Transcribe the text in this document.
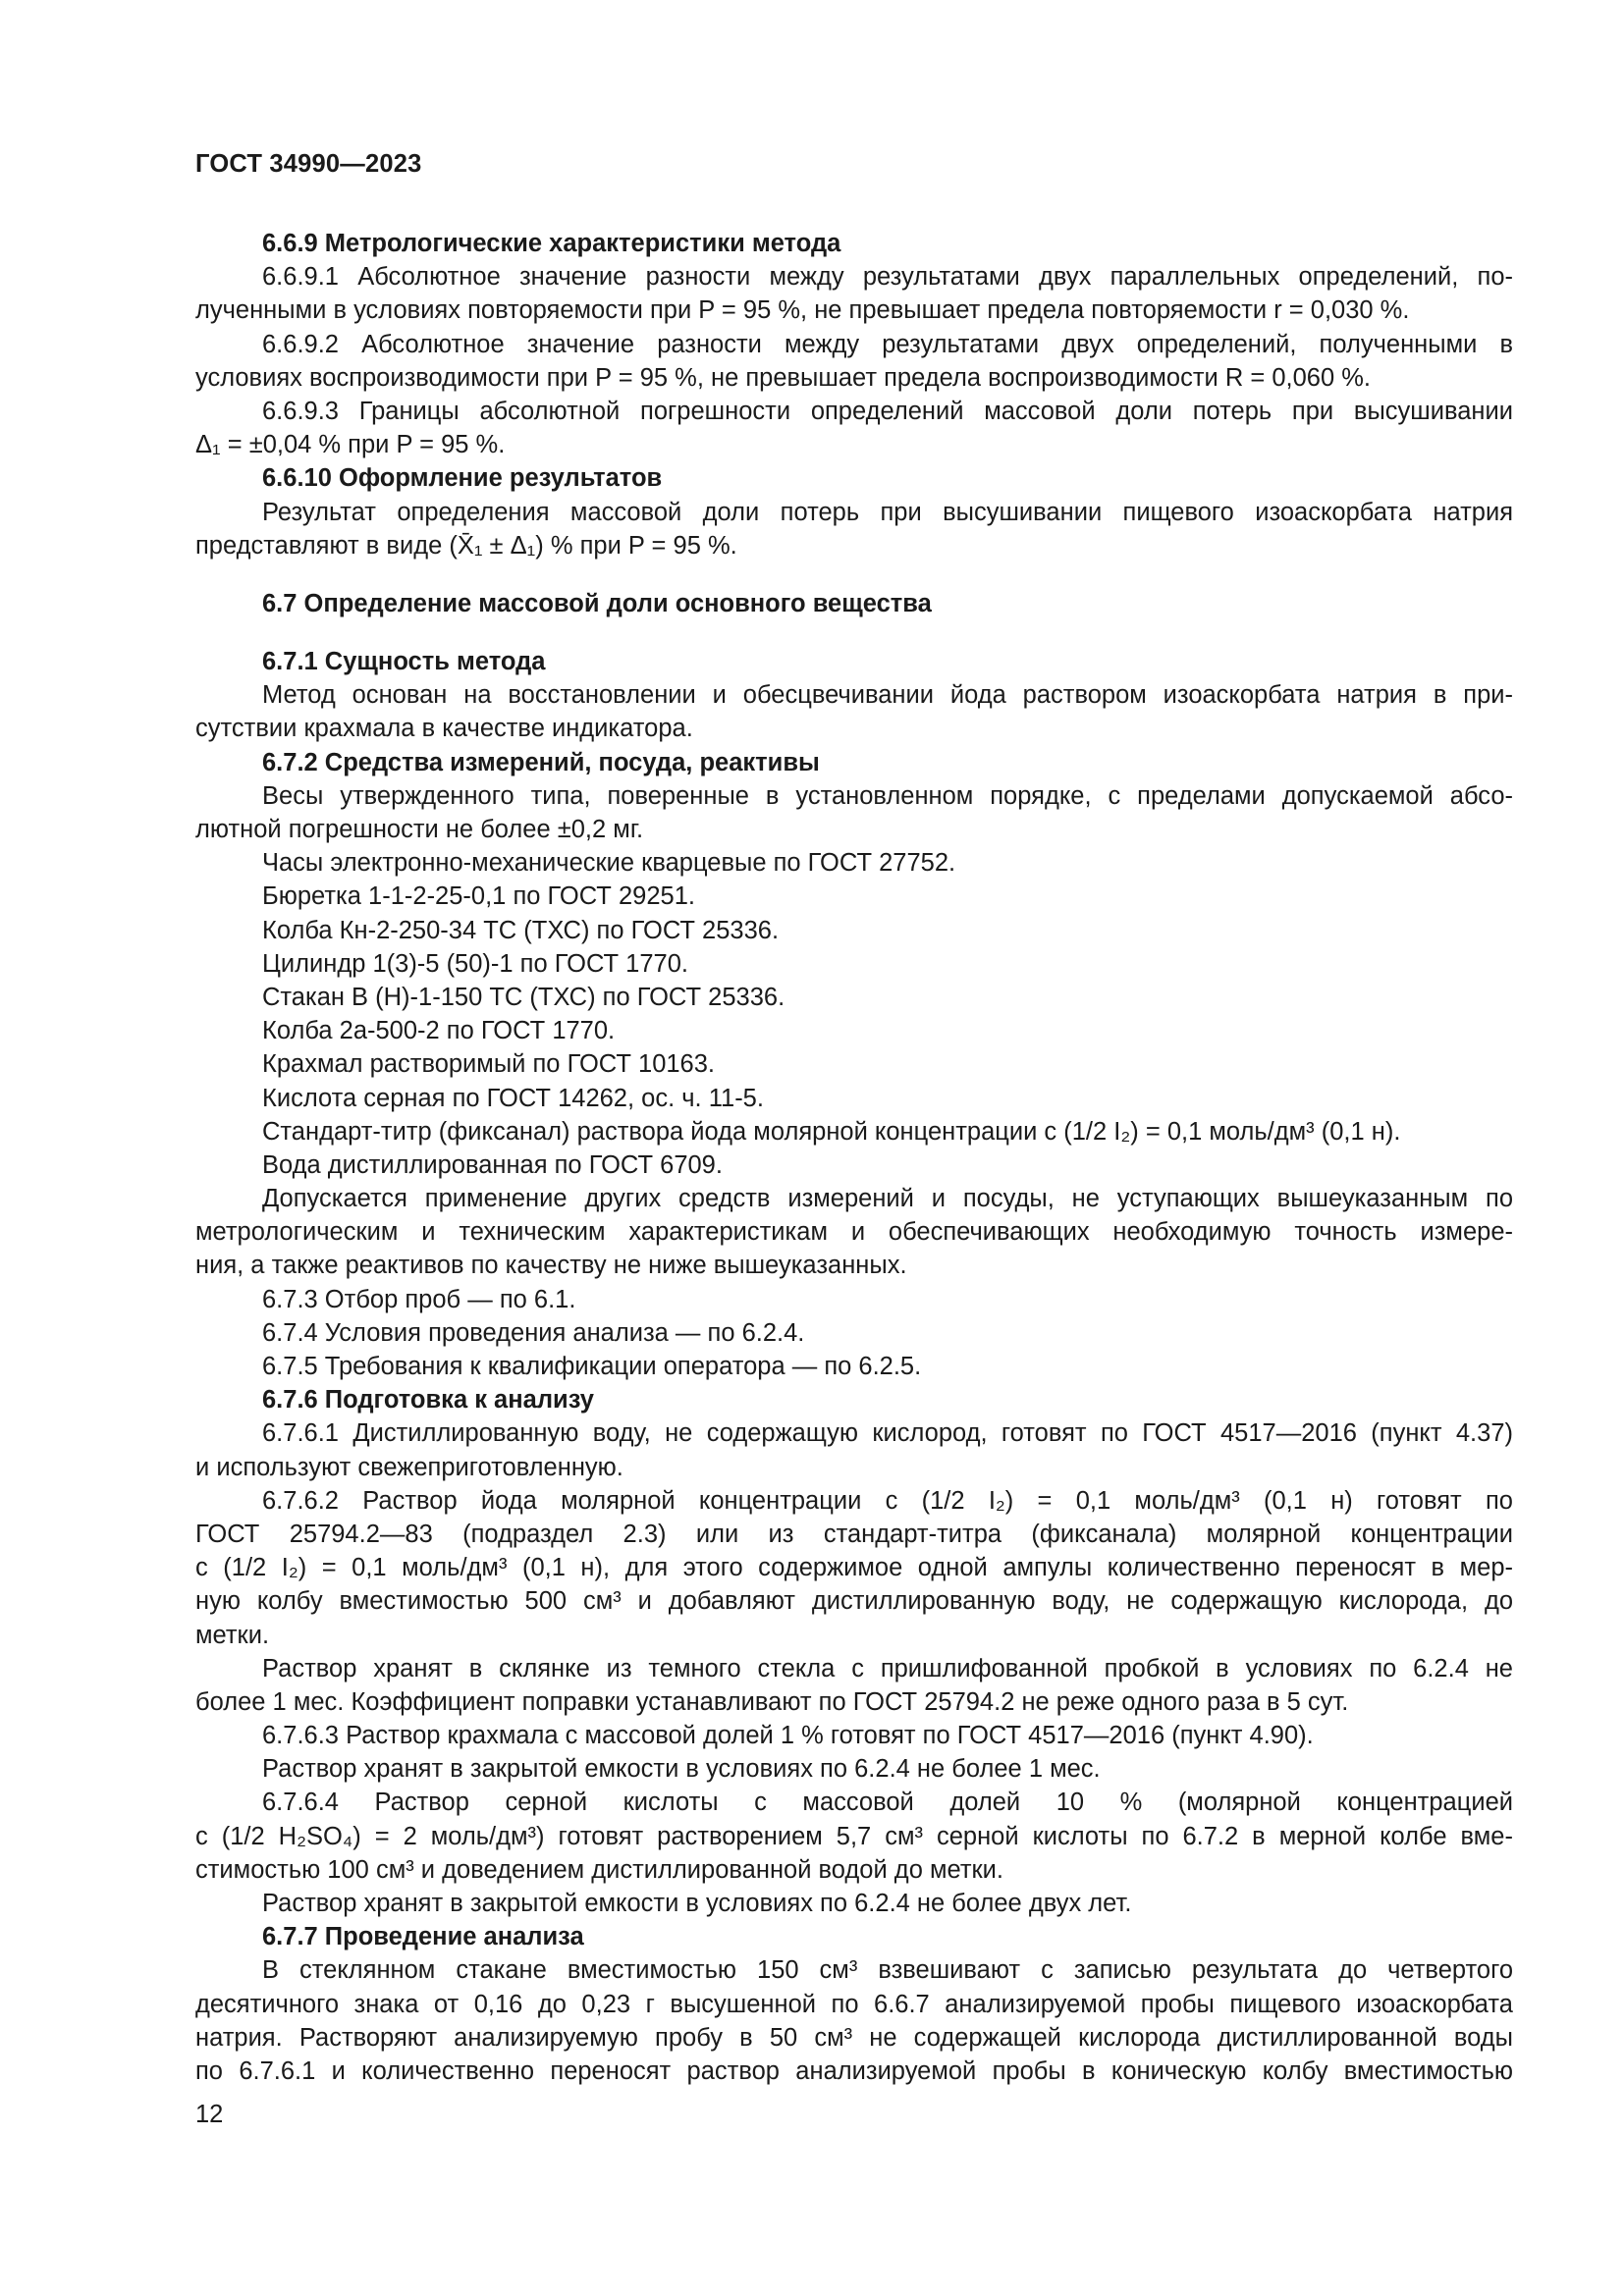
ГОСТ 34990—2023
6.6.9 Метрологические характеристики метода
6.6.9.1 Абсолютное значение разности между результатами двух параллельных определений, по-
лученными в условиях повторяемости при P = 95 %, не превышает предела повторяемости r = 0,030 %.
6.6.9.2 Абсолютное значение разности между результатами двух определений, полученными в
условиях воспроизводимости при P = 95 %, не превышает предела воспроизводимости R = 0,060 %.
6.6.9.3 Границы абсолютной погрешности определений массовой доли потерь при высушивании
Δ₁ = ±0,04 % при P = 95 %.
6.6.10 Оформление результатов
Результат определения массовой доли потерь при высушивании пищевого изоаскорбата натрия
представляют в виде (X̄₁ ± Δ₁) % при P = 95 %.
6.7 Определение массовой доли основного вещества
6.7.1 Сущность метода
Метод основан на восстановлении и обесцвечивании йода раствором изоаскорбата натрия в при-
сутствии крахмала в качестве индикатора.
6.7.2 Средства измерений, посуда, реактивы
Весы утвержденного типа, поверенные в установленном порядке, с пределами допускаемой абсо-
лютной погрешности не более ±0,2 мг.
Часы электронно-механические кварцевые по ГОСТ 27752.
Бюретка 1-1-2-25-0,1 по ГОСТ 29251.
Колба Кн-2-250-34 ТС (ТХС) по ГОСТ 25336.
Цилиндр 1(3)-5 (50)-1 по ГОСТ 1770.
Стакан В (Н)-1-150 ТС (ТХС) по ГОСТ 25336.
Колба 2а-500-2 по ГОСТ 1770.
Крахмал растворимый по ГОСТ 10163.
Кислота серная по ГОСТ 14262, ос. ч. 11-5.
Стандарт-титр (фиксанал) раствора йода молярной концентрации c (1/2 I₂) = 0,1 моль/дм³ (0,1 н).
Вода дистиллированная по ГОСТ 6709.
Допускается применение других средств измерений и посуды, не уступающих вышеуказанным по
метрологическим и техническим характеристикам и обеспечивающих необходимую точность измере-
ния, а также реактивов по качеству не ниже вышеуказанных.
6.7.3 Отбор проб — по 6.1.
6.7.4 Условия проведения анализа — по 6.2.4.
6.7.5 Требования к квалификации оператора — по 6.2.5.
6.7.6 Подготовка к анализу
6.7.6.1 Дистиллированную воду, не содержащую кислород, готовят по ГОСТ 4517—2016 (пункт 4.37)
и используют свежеприготовленную.
6.7.6.2 Раствор йода молярной концентрации c (1/2 I₂) = 0,1 моль/дм³ (0,1 н) готовят по
ГОСТ 25794.2—83 (подраздел 2.3) или из стандарт-титра (фиксанала) молярной концентрации
c (1/2 I₂) = 0,1 моль/дм³ (0,1 н), для этого содержимое одной ампулы количественно переносят в мер-
ную колбу вместимостью 500 см³ и добавляют дистиллированную воду, не содержащую кислорода, до
метки.
Раствор хранят в склянке из темного стекла с пришлифованной пробкой в условиях по 6.2.4 не
более 1 мес. Коэффициент поправки устанавливают по ГОСТ 25794.2 не реже одного раза в 5 сут.
6.7.6.3 Раствор крахмала с массовой долей 1 % готовят по ГОСТ 4517—2016 (пункт 4.90).
Раствор хранят в закрытой емкости в условиях по 6.2.4 не более 1 мес.
6.7.6.4 Раствор серной кислоты с массовой долей 10 % (молярной концентрацией
c (1/2 H₂SO₄) = 2 моль/дм³) готовят растворением 5,7 см³ серной кислоты по 6.7.2 в мерной колбе вме-
стимостью 100 см³ и доведением дистиллированной водой до метки.
Раствор хранят в закрытой емкости в условиях по 6.2.4 не более двух лет.
6.7.7 Проведение анализа
В стеклянном стакане вместимостью 150 см³ взвешивают с записью результата до четвертого
десятичного знака от 0,16 до 0,23 г высушенной по 6.6.7 анализируемой пробы пищевого изоаскорбата
натрия. Растворяют анализируемую пробу в 50 см³ не содержащей кислорода дистиллированной воды
по 6.7.6.1 и количественно переносят раствор анализируемой пробы в коническую колбу вместимостью
12
